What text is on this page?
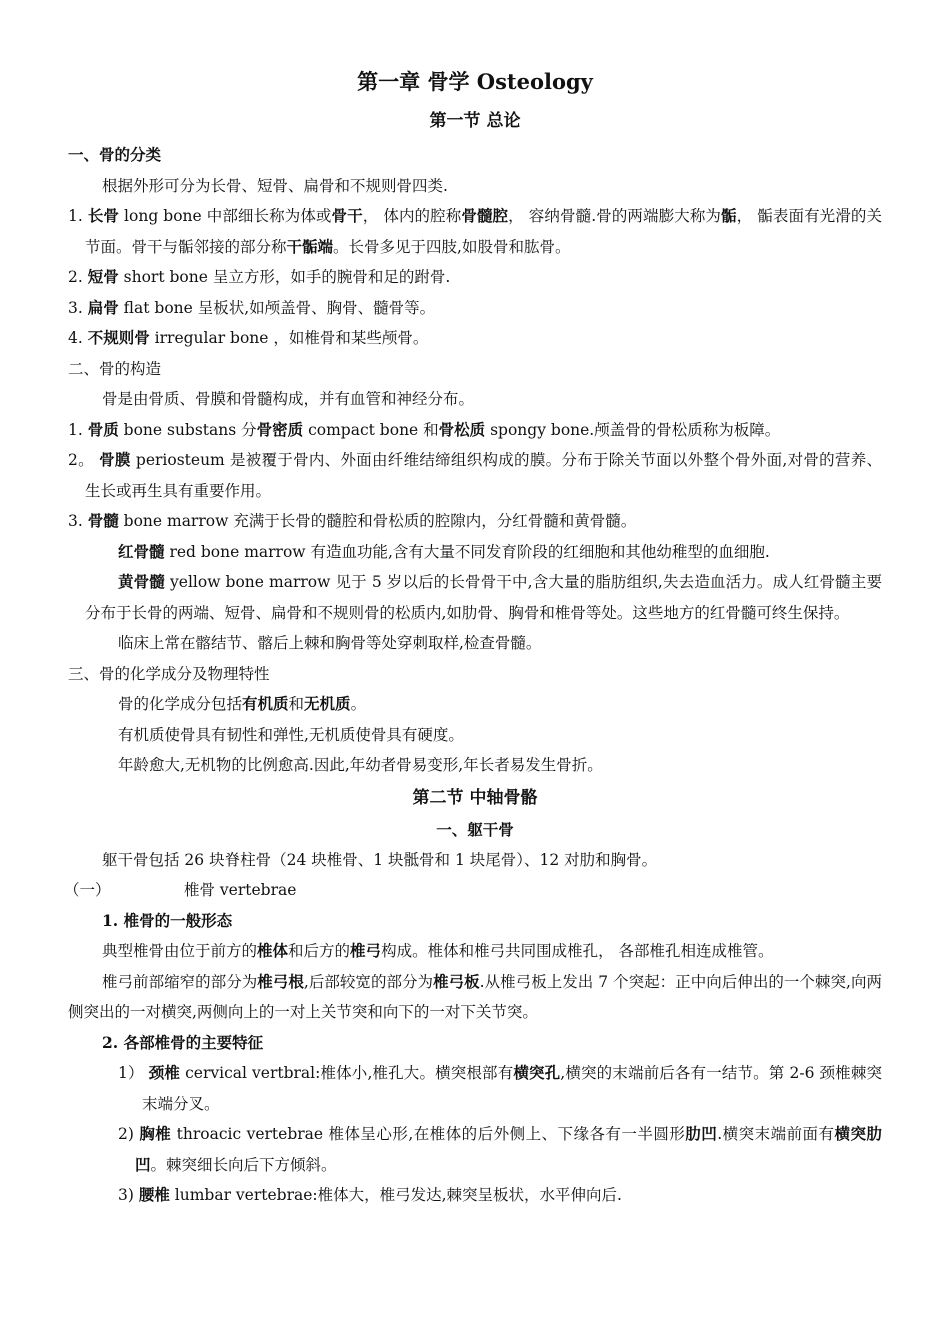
第一章 骨学 Osteology
第一节 总论
一、骨的分类
根据外形可分为长骨、短骨、扁骨和不规则骨四类.
1. 长骨 long bone 中部细长称为体或骨干， 体内的腔称骨髓腔， 容纳骨髓.骨的两端膨大称为骺， 骺表面有光滑的关节面。骨干与骺邻接的部分称干骺端。长骨多见于四肢,如股骨和肱骨。
2. 短骨 short bone 呈立方形，如手的腕骨和足的跗骨.
3. 扁骨 flat bone 呈板状,如颅盖骨、胸骨、髓骨等。
4. 不规则骨 irregular bone ，如椎骨和某些颅骨。
二、骨的构造
骨是由骨质、骨膜和骨髓构成，并有血管和神经分布。
1. 骨质 bone substans 分骨密质 compact bone 和骨松质 spongy bone.颅盖骨的骨松质称为板障。
2。 骨膜 periosteum 是被覆于骨内、外面由纤维结缔组织构成的膜。分布于除关节面以外整个骨外面,对骨的营养、生长或再生具有重要作用。
3. 骨髓 bone marrow 充满于长骨的髓腔和骨松质的腔隙内，分红骨髓和黄骨髓。
红骨髓 red bone marrow 有造血功能,含有大量不同发育阶段的红细胞和其他幼稚型的血细胞.
黄骨髓 yellow bone marrow 见于 5 岁以后的长骨骨干中,含大量的脂肪组织,失去造血活力。成人红骨髓主要分布于长骨的两端、短骨、扁骨和不规则骨的松质内,如肋骨、胸骨和椎骨等处。这些地方的红骨髓可终生保持。
临床上常在髂结节、髂后上棘和胸骨等处穿刺取样,检查骨髓。
三、骨的化学成分及物理特性
骨的化学成分包括有机质和无机质。
有机质使骨具有韧性和弹性,无机质使骨具有硬度。
年龄愈大,无机物的比例愈高.因此,年幼者骨易变形,年长者易发生骨折。
第二节 中轴骨骼
一、躯干骨
躯干骨包括 26 块脊柱骨（24 块椎骨、1 块骶骨和 1 块尾骨）、12 对肋和胸骨。
（一）	椎骨 vertebrae
1. 椎骨的一般形态
典型椎骨由位于前方的椎体和后方的椎弓构成。椎体和椎弓共同围成椎孔， 各部椎孔相连成椎管。
椎弓前部缩窄的部分为椎弓根,后部较宽的部分为椎弓板.从椎弓板上发出 7 个突起：正中向后伸出的一个棘突,向两侧突出的一对横突,两侧向上的一对上关节突和向下的一对下关节突。
2. 各部椎骨的主要特征
1） 颈椎 cervical vertbral:椎体小,椎孔大。横突根部有横突孔,横突的末端前后各有一结节。第 2-6 颈椎棘突末端分叉。
2) 胸椎 throacic vertebrae 椎体呈心形,在椎体的后外侧上、下缘各有一半圆形肋凹.横突末端前面有横突肋凹。棘突细长向后下方倾斜。
3) 腰椎 lumbar vertebrae:椎体大，椎弓发达,棘突呈板状，水平伸向后.
